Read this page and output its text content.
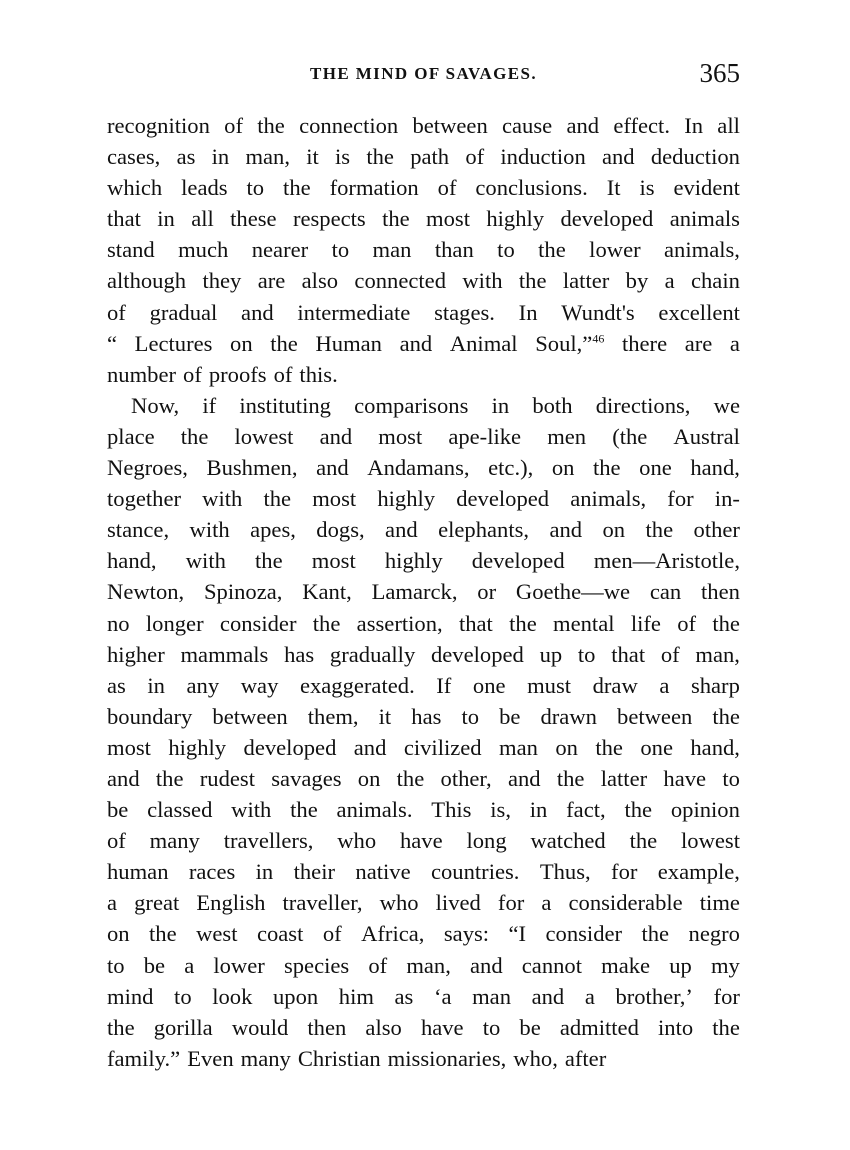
THE MIND OF SAVAGES.	365
recognition of the connection between cause and effect. In all
cases, as in man, it is the path of induction and deduction
which leads to the formation of conclusions. It is evident
that in all these respects the most highly developed animals
stand much nearer to man than to the lower animals,
although they are also connected with the latter by a chain
of gradual and intermediate stages. In Wundt's excellent
“ Lectures on the Human and Animal Soul,”$^{46}$ there are a
number of proofs of this.
Now, if instituting comparisons in both directions, we
place the lowest and most ape-like men (the Austral
Negroes, Bushmen, and Andamans, etc.), on the one hand,
together with the most highly developed animals, for in-
stance, with apes, dogs, and elephants, and on the other
hand, with the most highly developed men—Aristotle,
Newton, Spinoza, Kant, Lamarck, or Goethe—we can then
no longer consider the assertion, that the mental life of the
higher mammals has gradually developed up to that of man,
as in any way exaggerated. If one must draw a sharp
boundary between them, it has to be drawn between the
most highly developed and civilized man on the one hand,
and the rudest savages on the other, and the latter have to
be classed with the animals. This is, in fact, the opinion
of many travellers, who have long watched the lowest
human races in their native countries. Thus, for example,
a great English traveller, who lived for a considerable time
on the west coast of Africa, says: “I consider the negro
to be a lower species of man, and cannot make up my
mind to look upon him as ‘a man and a brother,’ for
the gorilla would then also have to be admitted into the
family.” Even many Christian missionaries, who, after
